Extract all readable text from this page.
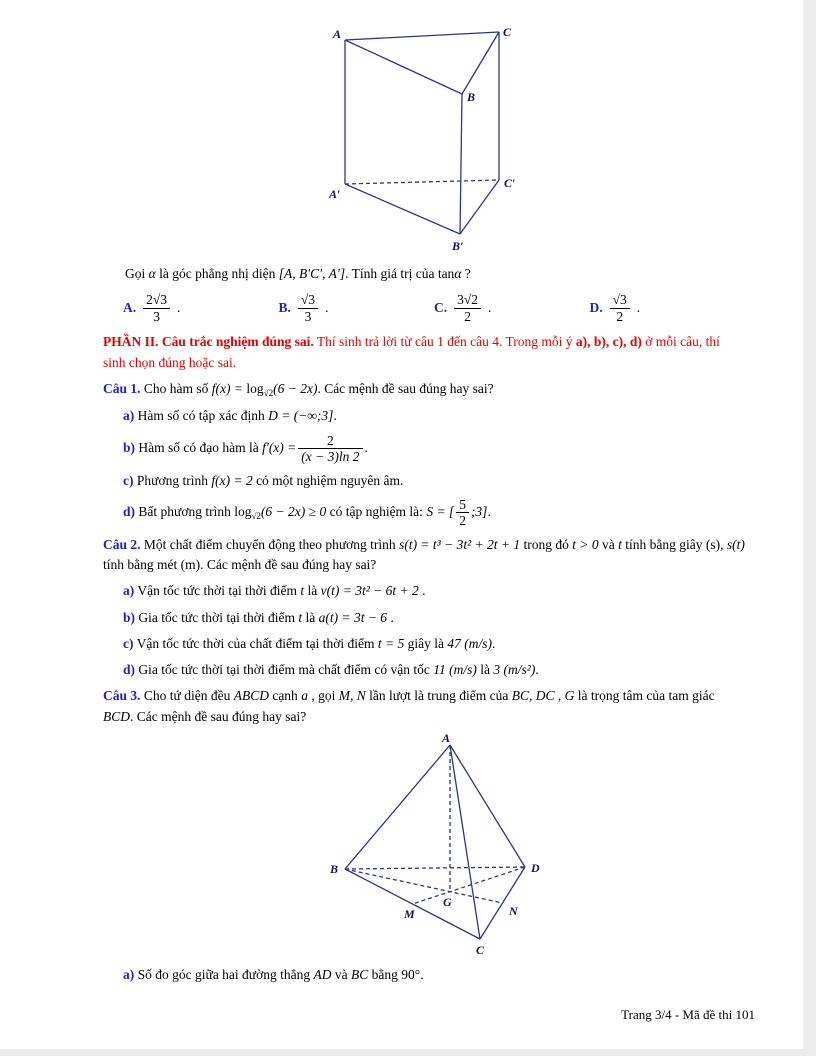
A	C
B
A′
C′
B′

Gọi α là góc phẳng nhị diện [A, B′C′, A′]. Tính giá trị của tanα ?

A. $\frac{2√3}{3}$ .	B. $\frac{√3}{3}$ .	C. $\frac{3√2}{2}$ .	D. $\frac{√3}{2}$ .

PHẦN II. Câu trắc nghiệm đúng sai. Thí sinh trả lời từ câu 1 đến câu 4. Trong mỗi ý a), b), c), d) ở mỗi câu, thí sinh chọn đúng hoặc sai.

Câu 1. Cho hàm số $f(x) = \log_{√2}(6 - 2x)$. Các mệnh đề sau đúng hay sai?

a) Hàm số có tập xác định D = (−∞;3].

b) Hàm số có đạo hàm là $f'(x) = \frac{2}{(x - 3)\ln 2}$ .

c) Phương trình f(x) = 2 có một nghiệm nguyên âm.

d) Bất phương trình $\log_{√2}(6 - 2x) \ge 0$ có tập nghiệm là: S = [ $\frac{5}{2}$ ;3].

Câu 2. Một chất điểm chuyển động theo phương trình s(t) = t³ − 3t² + 2t + 1 trong đó t > 0 và t tính bằng giây (s), s(t) tính bằng mét (m). Các mệnh đề sau đúng hay sai?

a) Vận tốc tức thời tại thời điểm t là v(t) = 3t² − 6t + 2 .

b) Gia tốc tức thời tại thời điểm t là a(t) = 3t − 6 .

c) Vận tốc tức thời của chất điểm tại thời điểm t = 5 giây là 47 (m/s).

d) Gia tốc tức thời tại thời điểm mà chất điểm có vận tốc 11 (m/s) là 3 (m/s²).

Câu 3. Cho tứ diện đều ABCD cạnh a , gọi M, N lần lượt là trung điểm của BC, DC , G là trọng tâm của tam giác BCD. Các mệnh đề sau đúng hay sai?

A
B	D
C
M
G
N

a) Số đo góc giữa hai đường thẳng AD và BC bằng 90°.

Trang 3/4 - Mã đề thi 101
